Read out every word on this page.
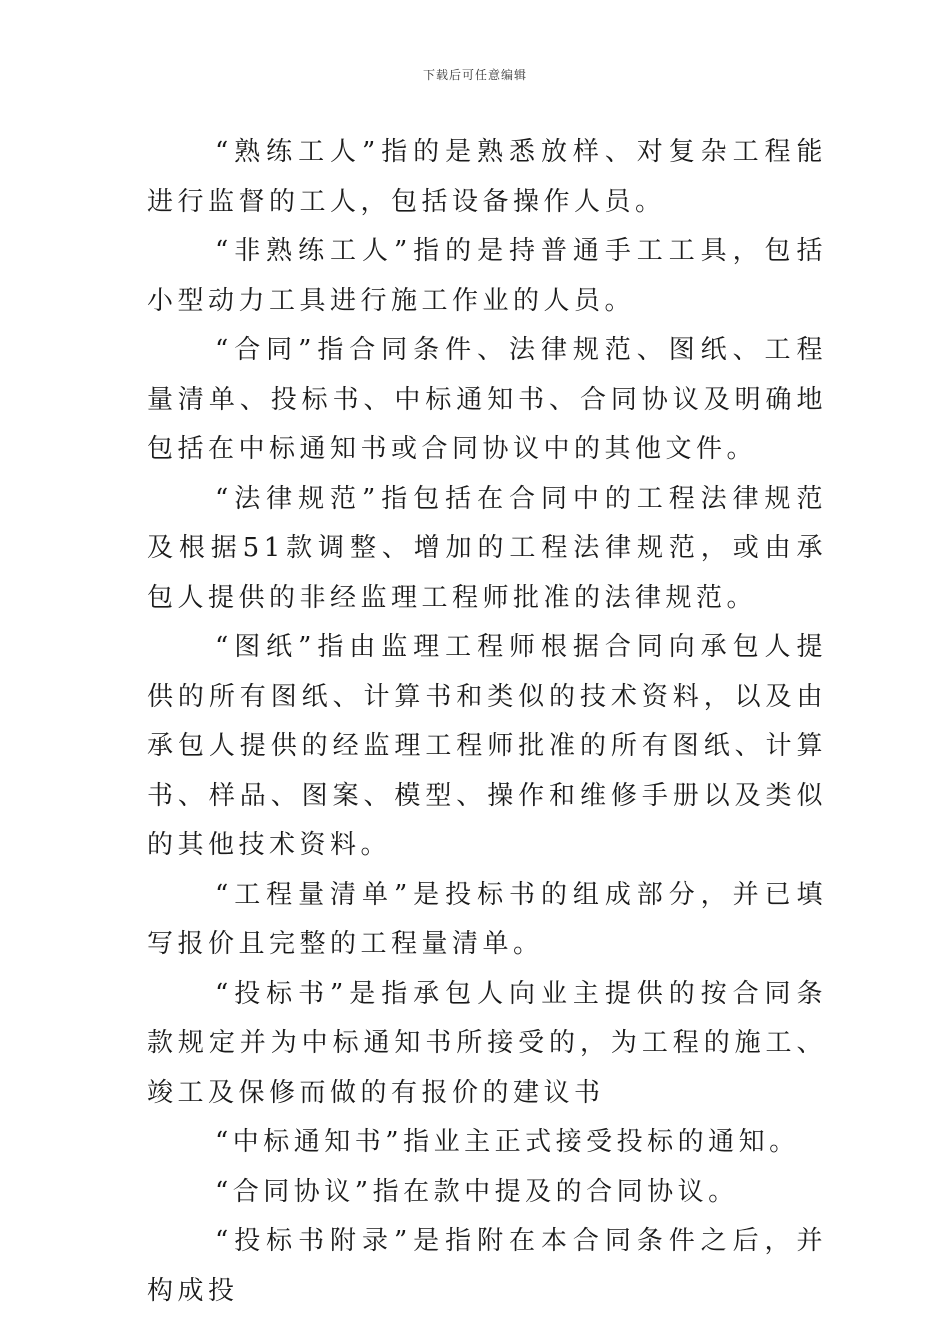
下载后可任意编辑

“熟练工人”指的是熟悉放样、对复杂工程能进行监督的工人，包括设备操作人员。

“非熟练工人”指的是持普通手工工具，包括小型动力工具进行施工作业的人员。

“合同”指合同条件、法律规范、图纸、工程量清单、投标书、中标通知书、合同协议及明确地包括在中标通知书或合同协议中的其他文件。

“法律规范”指包括在合同中的工程法律规范及根据51款调整、增加的工程法律规范，或由承包人提供的非经监理工程师批准的法律规范。

“图纸”指由监理工程师根据合同向承包人提供的所有图纸、计算书和类似的技术资料，以及由承包人提供的经监理工程师批准的所有图纸、计算书、样品、图案、模型、操作和维修手册以及类似的其他技术资料。

“工程量清单”是投标书的组成部分，并已填写报价且完整的工程量清单。

“投标书”是指承包人向业主提供的按合同条款规定并为中标通知书所接受的，为工程的施工、竣工及保修而做的有报价的建议书

“中标通知书”指业主正式接受投标的通知。

“合同协议”指在款中提及的合同协议。

“投标书附录”是指附在本合同条件之后，并构成投
